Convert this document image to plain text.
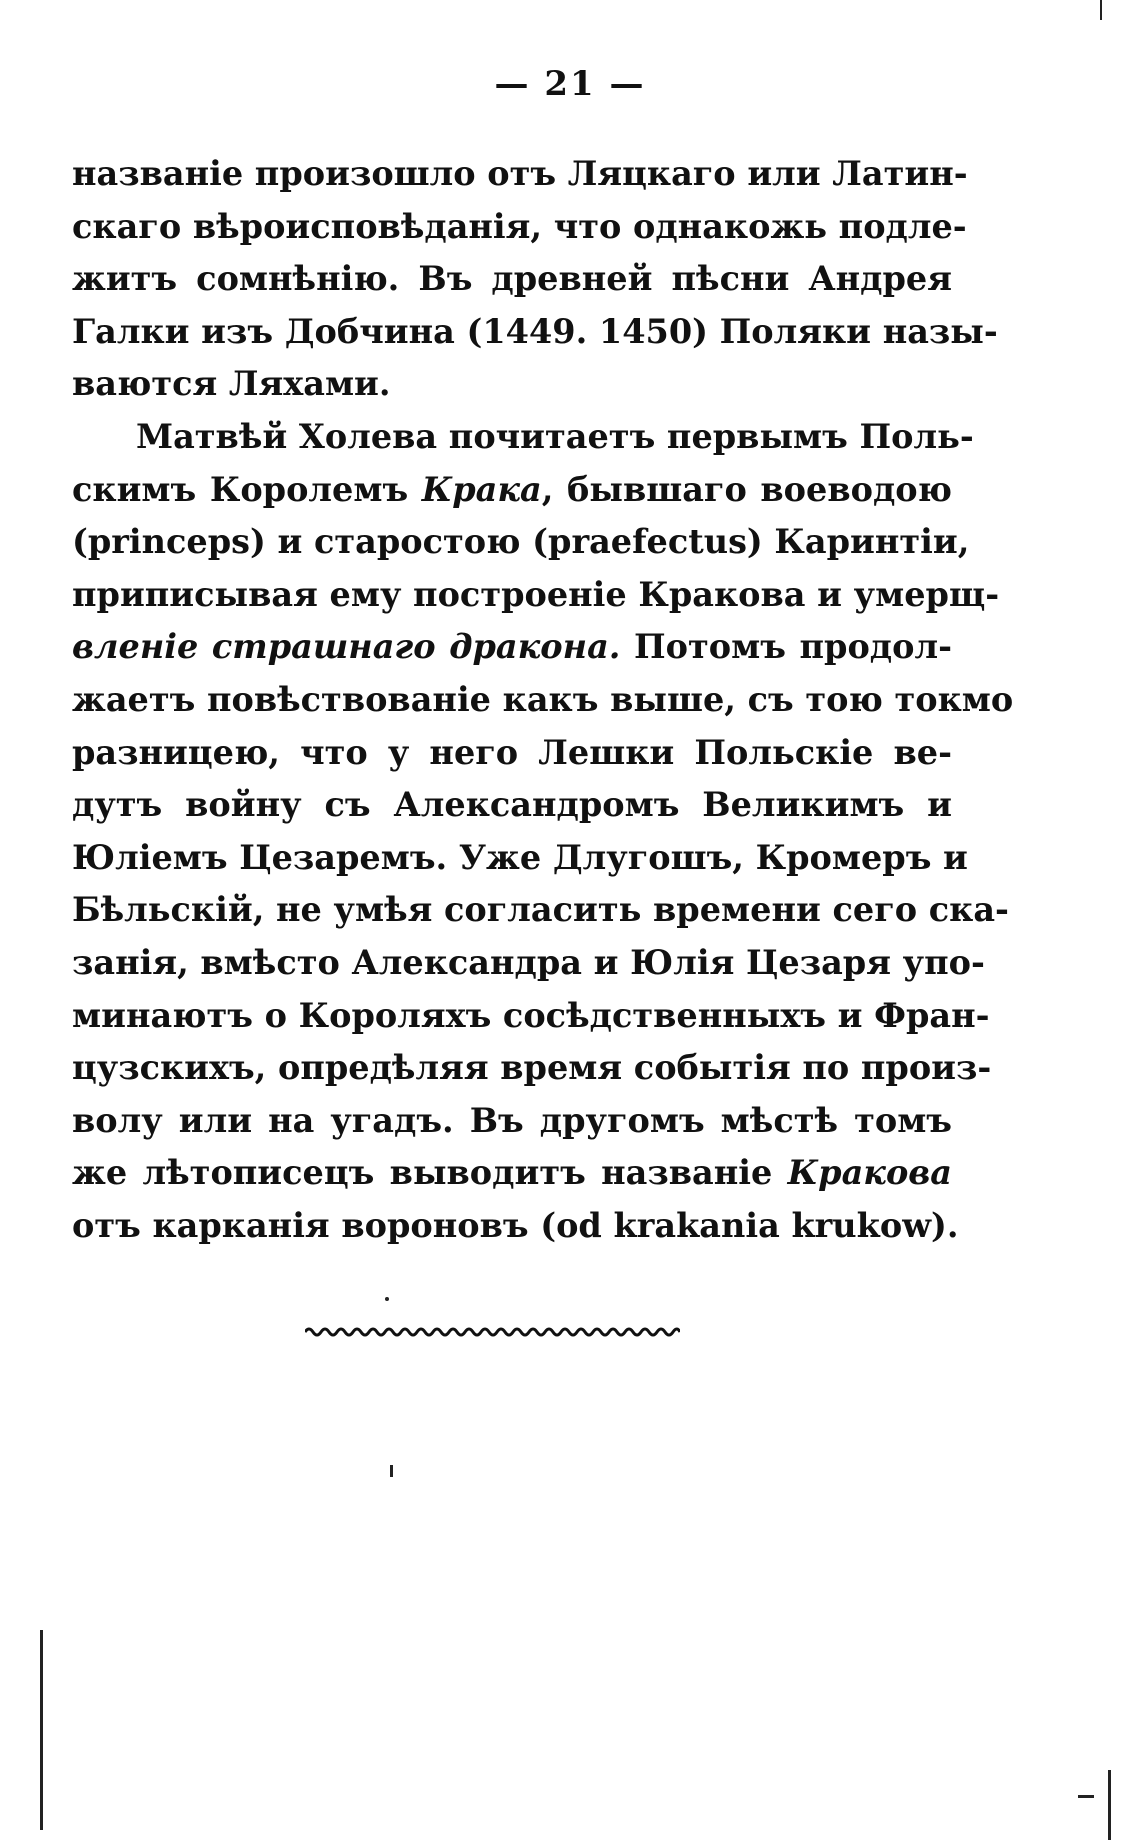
— 21 —
названіе произошло отъ Ляцкаго или Латин-
скаго вѣроисповѣданія, что однакожь подле-
житъ сомнѣнію. Въ древней пѣсни Андрея
Галки изъ Добчина (1449. 1450) Поляки назы-
ваются Ляхами.
Матвѣй Холева почитаетъ первымъ Поль-
скимъ Королемъ Крака, бывшаго воеводою
(princeps) и старостою (praefectus) Каринтіи,
приписывая ему построеніе Кракова и умерщ-
вленіе страшнаго дракона. Потомъ продол-
жаетъ повѣствованіе какъ выше, съ тою токмо
разницею, что у него Лешки Польскіе ве-
дутъ войну съ Александромъ Великимъ и
Юліемъ Цезаремъ. Уже Длугошъ, Кромеръ и
Бѣльскій, не умѣя согласить времени сего ска-
занія, вмѣсто Александра и Юлія Цезаря упо-
минаютъ о Короляхъ сосѣдственныхъ и Фран-
цузскихъ, опредѣляя время событія по произ-
волу или на угадъ. Въ другомъ мѣстѣ томъ
же лѣтописецъ выводитъ названіе Кракова
отъ карканія вороновъ (od krakania krukow).
